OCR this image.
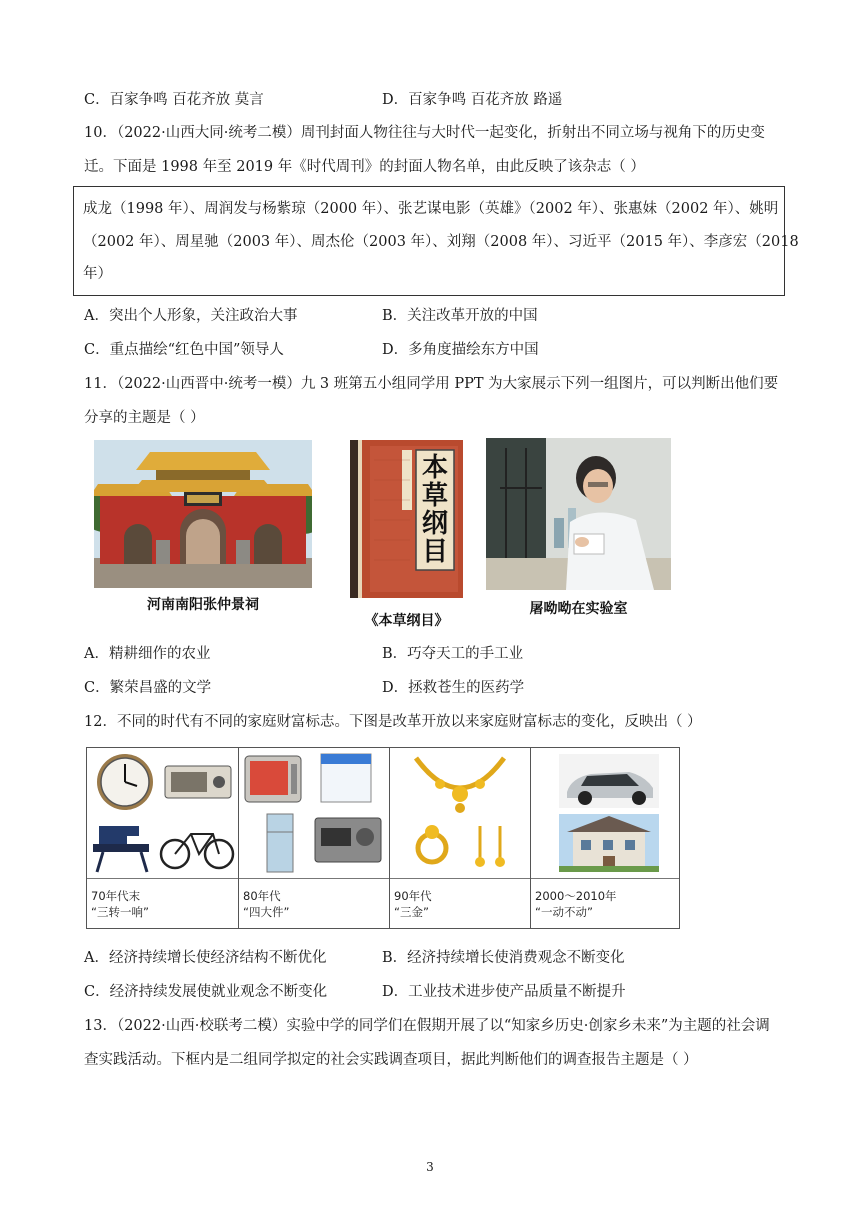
C．百家争鸣 百花齐放 莫言	D．百家争鸣 百花齐放 路遥
10．（2022·山西大同·统考二模）周刊封面人物往往与大时代一起变化，折射出不同立场与视角下的历史变
迁。下面是 1998 年至 2019 年《时代周刊》的封面人物名单，由此反映了该杂志（ ）
成龙（1998 年）、周润发与杨紫琼（2000 年）、张艺谋电影（英雄》（2002 年）、张惠妹（2002 年）、姚明
（2002 年）、周星驰（2003 年）、周杰伦（2003 年）、刘翔（2008 年）、习近平（2015 年）、李彦宏（2018
年）
A．突出个人形象，关注政治大事	B．关注改革开放的中国
C．重点描绘“红色中国”领导人	D．多角度描绘东方中国
11．（2022·山西晋中·统考一模）九 3 班第五小组同学用 PPT 为大家展示下列一组图片，可以判断出他们要
分享的主题是（ ）
河南南阳张仲景祠
本草纲目
《本草纲目》
屠呦呦在实验室
A．精耕细作的农业	B．巧夺天工的手工业
C．繁荣昌盛的文学	D．拯救苍生的医药学
12．不同的时代有不同的家庭财富标志。下图是改革开放以来家庭财富标志的变化，反映出（ ）
70年代末
“三转一响”

80年代
“四大件”

90年代
“三金”

2000～2010年
“一动不动”
A．经济持续增长使经济结构不断优化	B．经济持续增长使消费观念不断变化
C．经济持续发展使就业观念不断变化	D．工业技术进步使产品质量不断提升
13．（2022·山西·校联考二模）实验中学的同学们在假期开展了以“知家乡历史·创家乡未来”为主题的社会调
查实践活动。下框内是二组同学拟定的社会实践调查项目，据此判断他们的调查报告主题是（ ）
3
